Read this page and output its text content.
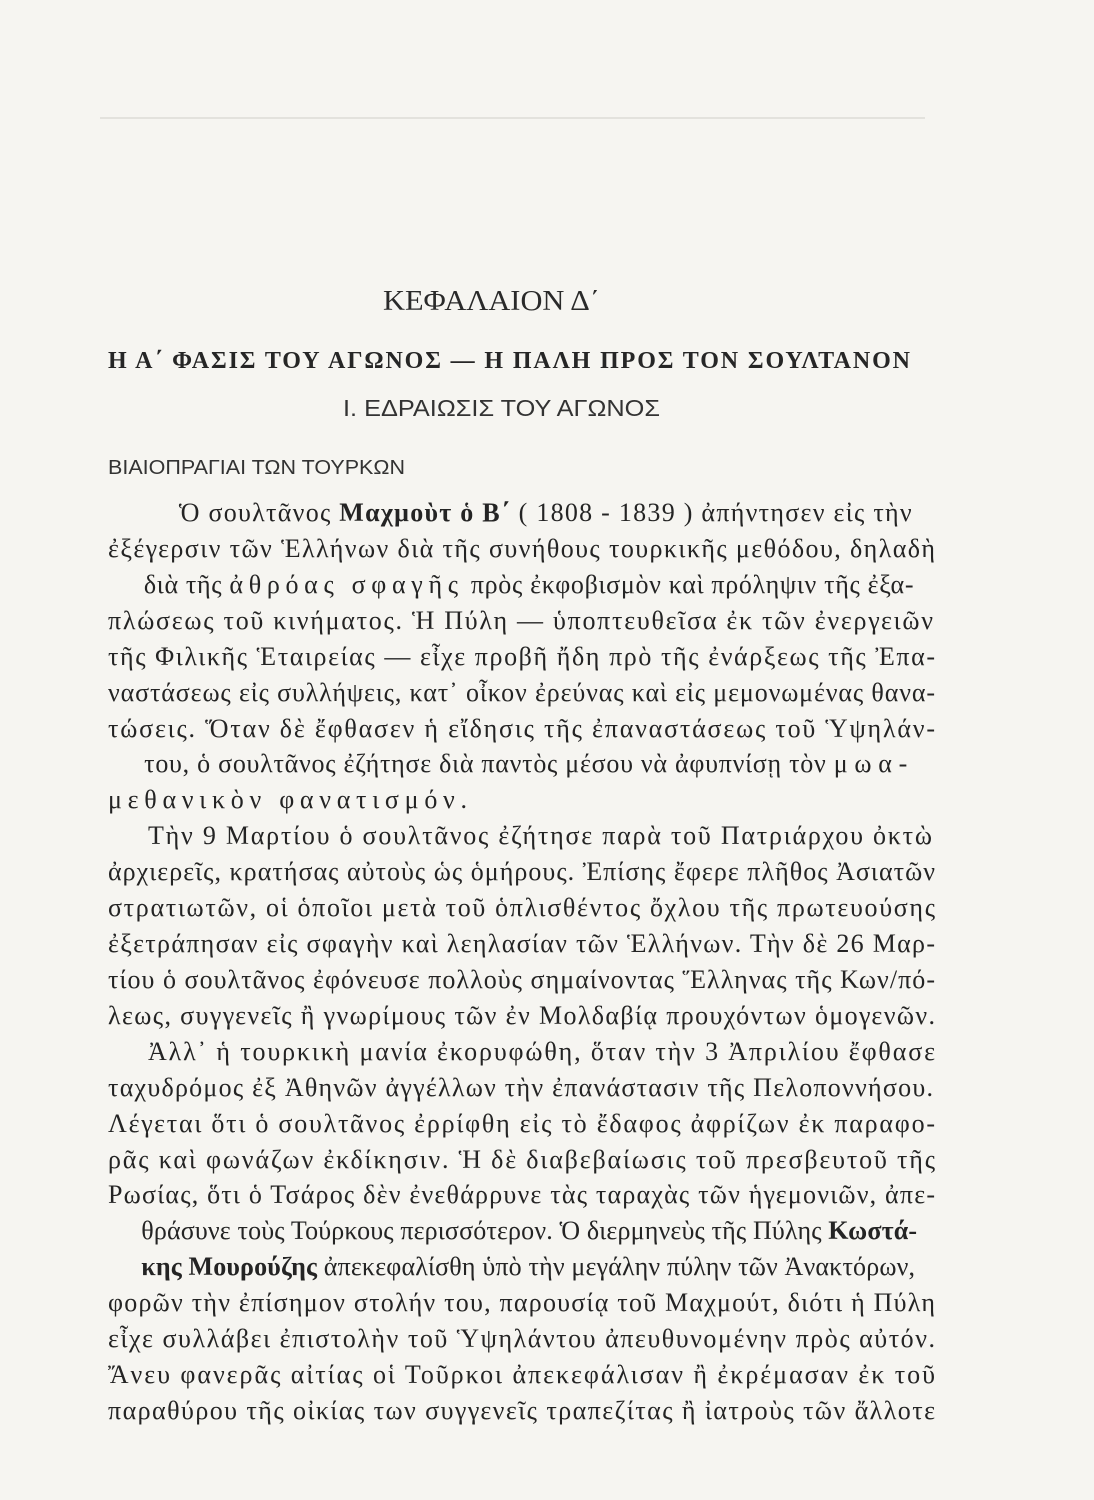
ΚΕΦΑΛΑΙΟΝ Δ΄
Η Α΄ ΦΑΣΙΣ ΤΟΥ ΑΓΩΝΟΣ — Η ΠΑΛΗ ΠΡΟΣ ΤΟΝ ΣΟΥΛΤΑΝΟΝ
Ι. ΕΔΡΑΙΩΣΙΣ ΤΟΥ ΑΓΩΝΟΣ
ΒΙΑΙΟΠΡΑΓΙΑΙ ΤΩΝ ΤΟΥΡΚΩΝ
Ὁ σουλτᾶνος Μαχμοὺτ ὁ Β΄ ( 1808 - 1839 ) ἀπήντησεν εἰς τὴν
ἐξέγερσιν τῶν Ἑλλήνων διὰ τῆς συνήθους τουρκικῆς μεθόδου, δηλαδὴ
διὰ τῆς ἀθρόας σφαγῆς πρὸς ἐκφοβισμὸν καὶ πρόληψιν τῆς ἐξα-
πλώσεως τοῦ κινήματος. Ἡ Πύλη — ὑποπτευθεῖσα ἐκ τῶν ἐνεργειῶν
τῆς Φιλικῆς Ἑταιρείας — εἶχε προβῆ ἤδη πρὸ τῆς ἐνάρξεως τῆς Ἐπα-
ναστάσεως εἰς συλλήψεις, κατ᾽ οἶκον ἐρεύνας καὶ εἰς μεμονωμένας θανα-
τώσεις. Ὅταν δὲ ἔφθασεν ἡ εἴδησις τῆς ἐπαναστάσεως τοῦ Ὑψηλάν-
του, ὁ σουλτᾶνος ἐζήτησε διὰ παντὸς μέσου νὰ ἀφυπνίσῃ τὸν μωα-
μεθανικὸν φανατισμόν.
Τὴν 9 Μαρτίου ὁ σουλτᾶνος ἐζήτησε παρὰ τοῦ Πατριάρχου ὀκτὼ
ἀρχιερεῖς, κρατήσας αὐτοὺς ὡς ὁμήρους. Ἐπίσης ἔφερε πλῆθος Ἀσιατῶν
στρατιωτῶν, οἱ ὁποῖοι μετὰ τοῦ ὁπλισθέντος ὄχλου τῆς πρωτευούσης
ἐξετράπησαν εἰς σφαγὴν καὶ λεηλασίαν τῶν Ἑλλήνων. Τὴν δὲ 26 Μαρ-
τίου ὁ σουλτᾶνος ἐφόνευσε πολλοὺς σημαίνοντας Ἕλληνας τῆς Κων/πό-
λεως, συγγενεῖς ἢ γνωρίμους τῶν ἐν Μολδαβίᾳ προυχόντων ὁμογενῶν.
Ἀλλ᾽ ἡ τουρκικὴ μανία ἐκορυφώθη, ὅταν τὴν 3 Ἀπριλίου ἔφθασε
ταχυδρόμος ἐξ Ἀθηνῶν ἀγγέλλων τὴν ἐπανάστασιν τῆς Πελοποννήσου.
Λέγεται ὅτι ὁ σουλτᾶνος ἐρρίφθη εἰς τὸ ἔδαφος ἀφρίζων ἐκ παραφο-
ρᾶς καὶ φωνάζων ἐκδίκησιν. Ἡ δὲ διαβεβαίωσις τοῦ πρεσβευτοῦ τῆς
Ρωσίας, ὅτι ὁ Τσάρος δὲν ἐνεθάρρυνε τὰς ταραχὰς τῶν ἡγεμονιῶν, ἀπε-
θράσυνε τοὺς Τούρκους περισσότερον. Ὁ διερμηνεὺς τῆς Πύλης Κωστά-
κης Μουρούζης ἀπεκεφαλίσθη ὑπὸ τὴν μεγάλην πύλην τῶν Ἀνακτόρων,
φορῶν τὴν ἐπίσημον στολήν του, παρουσίᾳ τοῦ Μαχμούτ, διότι ἡ Πύλη
εἶχε συλλάβει ἐπιστολὴν τοῦ Ὑψηλάντου ἀπευθυνομένην πρὸς αὐτόν.
Ἄνευ φανερᾶς αἰτίας οἱ Τοῦρκοι ἀπεκεφάλισαν ἢ ἐκρέμασαν ἐκ τοῦ
παραθύρου τῆς οἰκίας των συγγενεῖς τραπεζίτας ἢ ἰατροὺς τῶν ἄλλοτε
